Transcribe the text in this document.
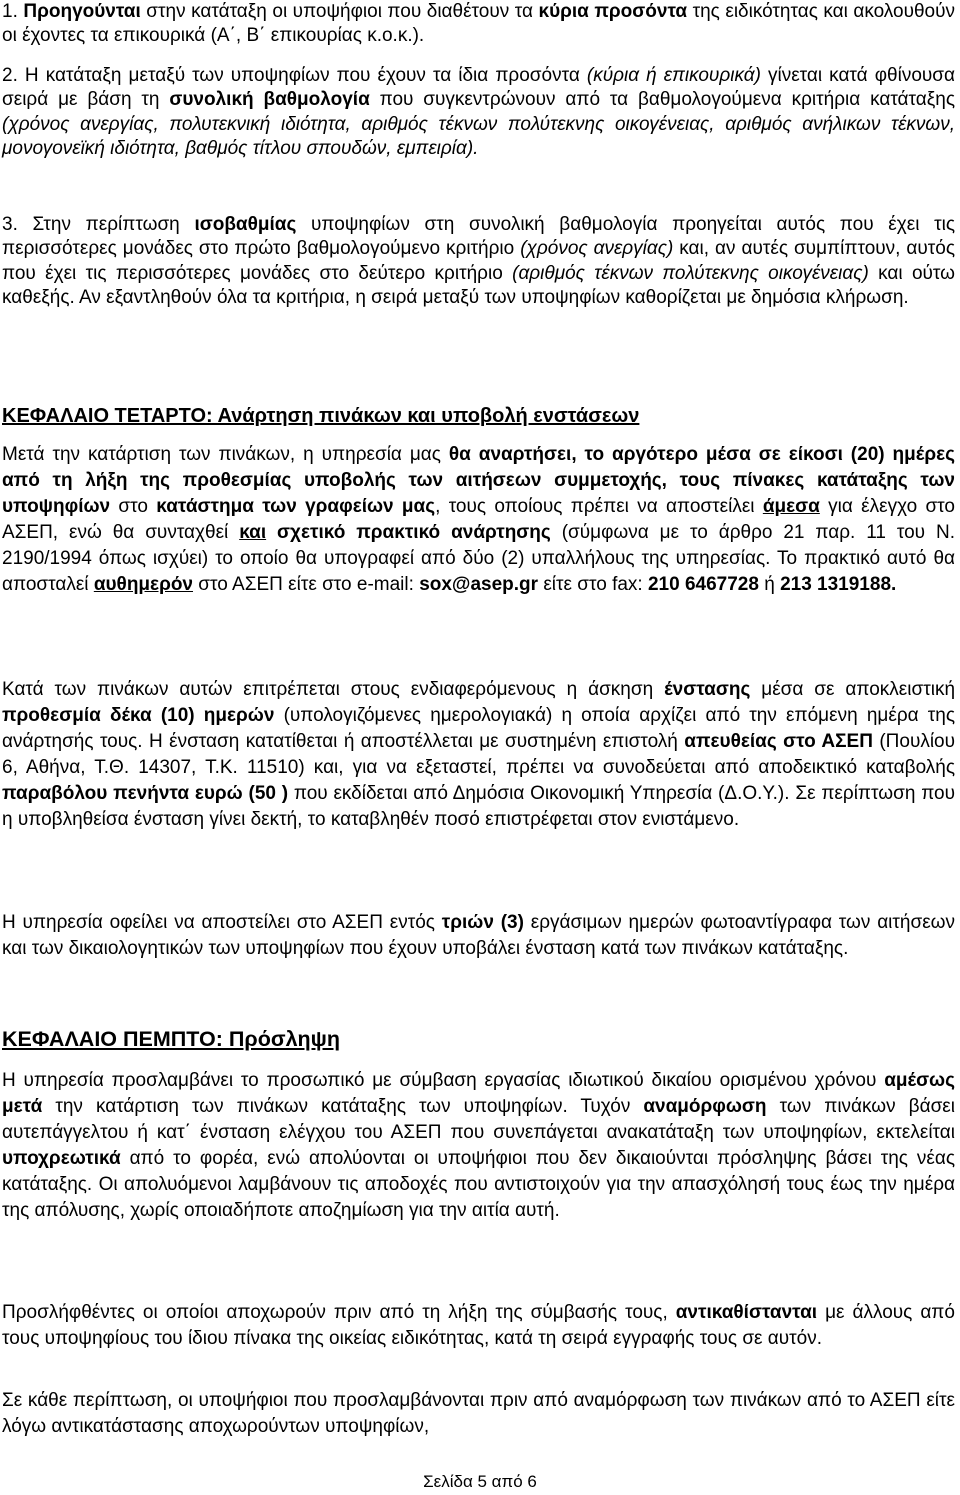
1. Προηγούνται στην κατάταξη οι υποψήφιοι που διαθέτουν τα κύρια προσόντα της ειδικότητας και ακολουθούν οι έχοντες τα επικουρικά (Α΄, Β΄ επικουρίας κ.ο.κ.).

2. Η κατάταξη μεταξύ των υποψηφίων που έχουν τα ίδια προσόντα (κύρια ή επικουρικά) γίνεται κατά φθίνουσα σειρά με βάση τη συνολική βαθμολογία που συγκεντρώνουν από τα βαθμολογούμενα κριτήρια κατάταξης (χρόνος ανεργίας, πολυτεκνική ιδιότητα, αριθμός τέκνων πολύτεκνης οικογένειας, αριθμός ανήλικων τέκνων, μονογονεϊκή ιδιότητα, βαθμός τίτλου σπουδών, εμπειρία).

3. Στην περίπτωση ισοβαθμίας υποψηφίων στη συνολική βαθμολογία προηγείται αυτός που έχει τις περισσότερες μονάδες στο πρώτο βαθμολογούμενο κριτήριο (χρόνος ανεργίας) και, αν αυτές συμπίπτουν, αυτός που έχει τις περισσότερες μονάδες στο δεύτερο κριτήριο (αριθμός τέκνων πολύτεκνης οικογένειας) και ούτω καθεξής. Αν εξαντληθούν όλα τα κριτήρια, η σειρά μεταξύ των υποψηφίων καθορίζεται με δημόσια κλήρωση.

ΚΕΦΑΛΑΙΟ ΤΕΤΑΡΤΟ: Ανάρτηση πινάκων και υποβολή ενστάσεων

Μετά την κατάρτιση των πινάκων, η υπηρεσία μας θα αναρτήσει, το αργότερο μέσα σε είκοσι (20) ημέρες από τη λήξη της προθεσμίας υποβολής των αιτήσεων συμμετοχής, τους πίνακες κατάταξης των υποψηφίων στο κατάστημα των γραφείων μας, τους οποίους πρέπει να αποστείλει άμεσα για έλεγχο στο ΑΣΕΠ, ενώ θα συνταχθεί και σχετικό πρακτικό ανάρτησης (σύμφωνα με το άρθρο 21 παρ. 11 του Ν. 2190/1994 όπως ισχύει) το οποίο θα υπογραφεί από δύο (2) υπαλλήλους της υπηρεσίας. Το πρακτικό αυτό θα αποσταλεί αυθημερόν στο ΑΣΕΠ είτε στο e-mail: sox@asep.gr είτε στο fax: 210 6467728 ή 213 1319188.

Κατά των πινάκων αυτών επιτρέπεται στους ενδιαφερόμενους η άσκηση ένστασης μέσα σε αποκλειστική προθεσμία δέκα (10) ημερών (υπολογιζόμενες ημερολογιακά) η οποία αρχίζει από την επόμενη ημέρα της ανάρτησής τους. Η ένσταση κατατίθεται ή αποστέλλεται με συστημένη επιστολή απευθείας στο ΑΣΕΠ (Πουλίου 6, Αθήνα, Τ.Θ. 14307, Τ.Κ. 11510) και, για να εξεταστεί, πρέπει να συνοδεύεται από αποδεικτικό καταβολής παραβόλου πενήντα ευρώ (50 ) που εκδίδεται από Δημόσια Οικονομική Υπηρεσία (Δ.Ο.Υ.). Σε περίπτωση που η υποβληθείσα ένσταση γίνει δεκτή, το καταβληθέν ποσό επιστρέφεται στον ενιστάμενο.

Η υπηρεσία οφείλει να αποστείλει στο ΑΣΕΠ εντός τριών (3) εργάσιμων ημερών φωτοαντίγραφα των αιτήσεων και των δικαιολογητικών των υποψηφίων που έχουν υποβάλει ένσταση κατά των πινάκων κατάταξης.

ΚΕΦΑΛΑΙΟ ΠΕΜΠΤΟ: Πρόσληψη

Η υπηρεσία προσλαμβάνει το προσωπικό με σύμβαση εργασίας ιδιωτικού δικαίου ορισμένου χρόνου αμέσως μετά την κατάρτιση των πινάκων κατάταξης των υποψηφίων. Τυχόν αναμόρφωση των πινάκων βάσει αυτεπάγγελτου ή κατ΄ ένσταση ελέγχου του ΑΣΕΠ που συνεπάγεται ανακατάταξη των υποψηφίων, εκτελείται υποχρεωτικά από το φορέα, ενώ απολύονται οι υποψήφιοι που δεν δικαιούνται πρόσληψης βάσει της νέας κατάταξης. Οι απολυόμενοι λαμβάνουν τις αποδοχές που αντιστοιχούν για την απασχόλησή τους έως την ημέρα της απόλυσης, χωρίς οποιαδήποτε αποζημίωση για την αιτία αυτή.

Προσλήφθέντες οι οποίοι αποχωρούν πριν από τη λήξη της σύμβασής τους, αντικαθίστανται με άλλους από τους υποψηφίους του ίδιου πίνακα της οικείας ειδικότητας, κατά τη σειρά εγγραφής τους σε αυτόν.

Σε κάθε περίπτωση, οι υποψήφιοι που προσλαμβάνονται πριν από αναμόρφωση των πινάκων από το ΑΣΕΠ είτε λόγω αντικατάστασης αποχωρούντων υποψηφίων,

Σελίδα 5 από 6
